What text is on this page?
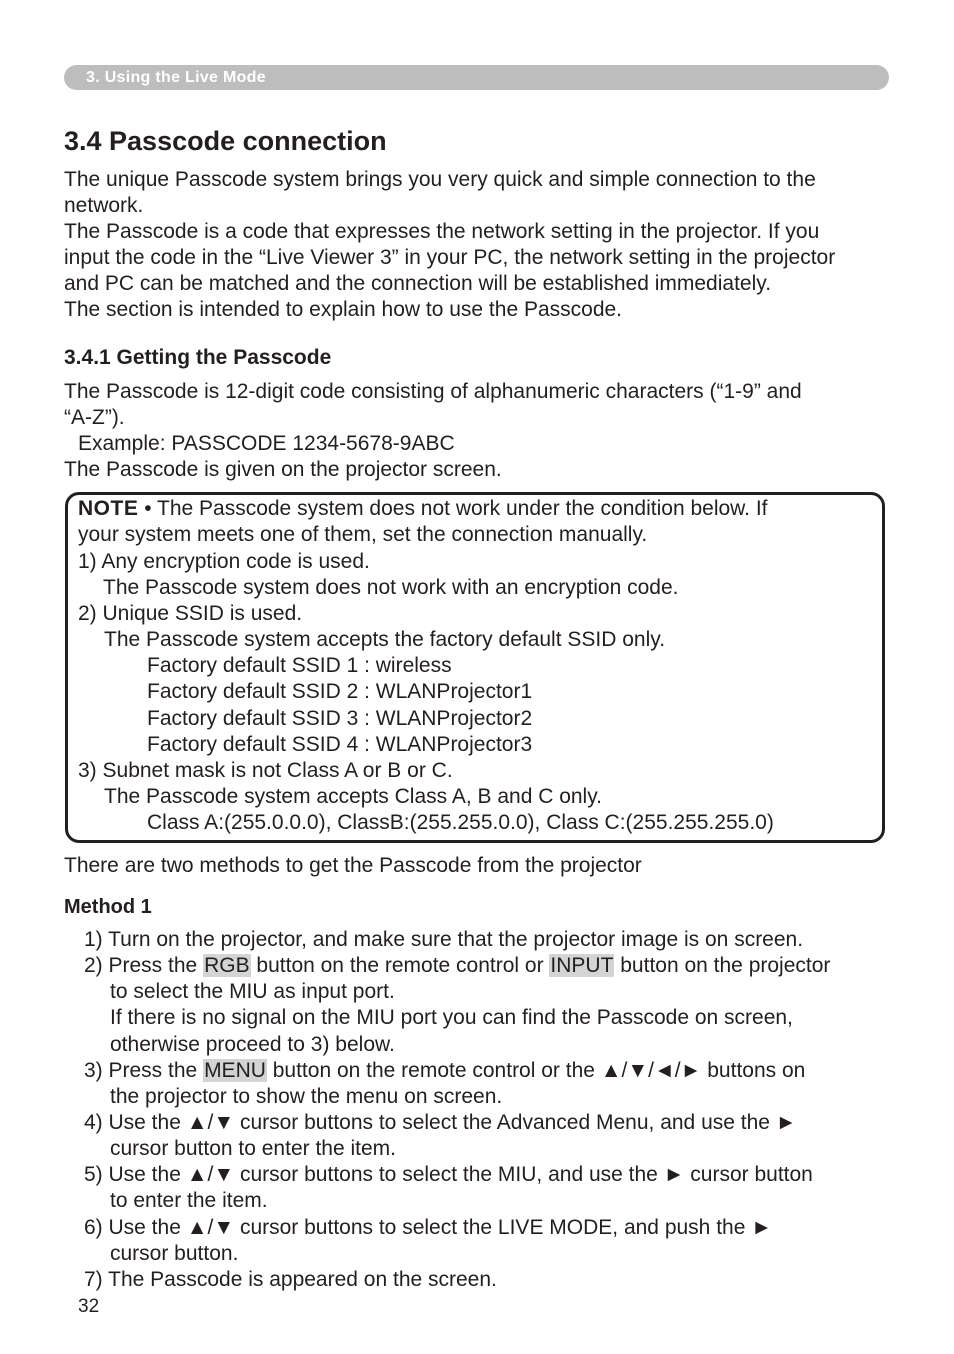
3. Using the Live Mode
3.4 Passcode connection
The unique Passcode system brings you very quick and simple connection to the
network.
The Passcode is a code that expresses the network setting in the projector. If you
input the code in the “Live Viewer 3” in your PC, the network setting in the projector
and PC can be matched and the connection will be established immediately.
The section is intended to explain how to use the Passcode.
3.4.1 Getting the Passcode
The Passcode is 12-digit code consisting of alphanumeric characters (“1-9” and
“A-Z”).
Example: PASSCODE 1234-5678-9ABC
The Passcode is given on the projector screen.
NOTE • The Passcode system does not work under the condition below. If
your system meets one of them, set the connection manually.
1) Any encryption code is used.
The Passcode system does not work with an encryption code.
2) Unique SSID is used.
The Passcode system accepts the factory default SSID only.
Factory default SSID 1 : wireless
Factory default SSID 2 : WLANProjector1
Factory default SSID 3 : WLANProjector2
Factory default SSID 4 : WLANProjector3
3) Subnet mask is not Class A or B or C.
The Passcode system accepts Class A, B and C only.
Class A:(255.0.0.0), ClassB:(255.255.0.0), Class C:(255.255.255.0)
There are two methods to get the Passcode from the projector
Method 1
1) Turn on the projector, and make sure that the projector image is on screen.
2) Press the RGB button on the remote control or INPUT button on the projector
to select the MIU as input port.
If there is no signal on the MIU port you can find the Passcode on screen,
otherwise proceed to 3) below.
3) Press the MENU button on the remote control or the ▲/▼/◄/► buttons on
the projector to show the menu on screen.
4) Use the ▲/▼ cursor buttons to select the Advanced Menu, and use the ►
cursor button to enter the item.
5) Use the ▲/▼ cursor buttons to select the MIU, and use the ► cursor button
to enter the item.
6) Use the ▲/▼ cursor buttons to select the LIVE MODE, and push the ►
cursor button.
7) The Passcode is appeared on the screen.
32
